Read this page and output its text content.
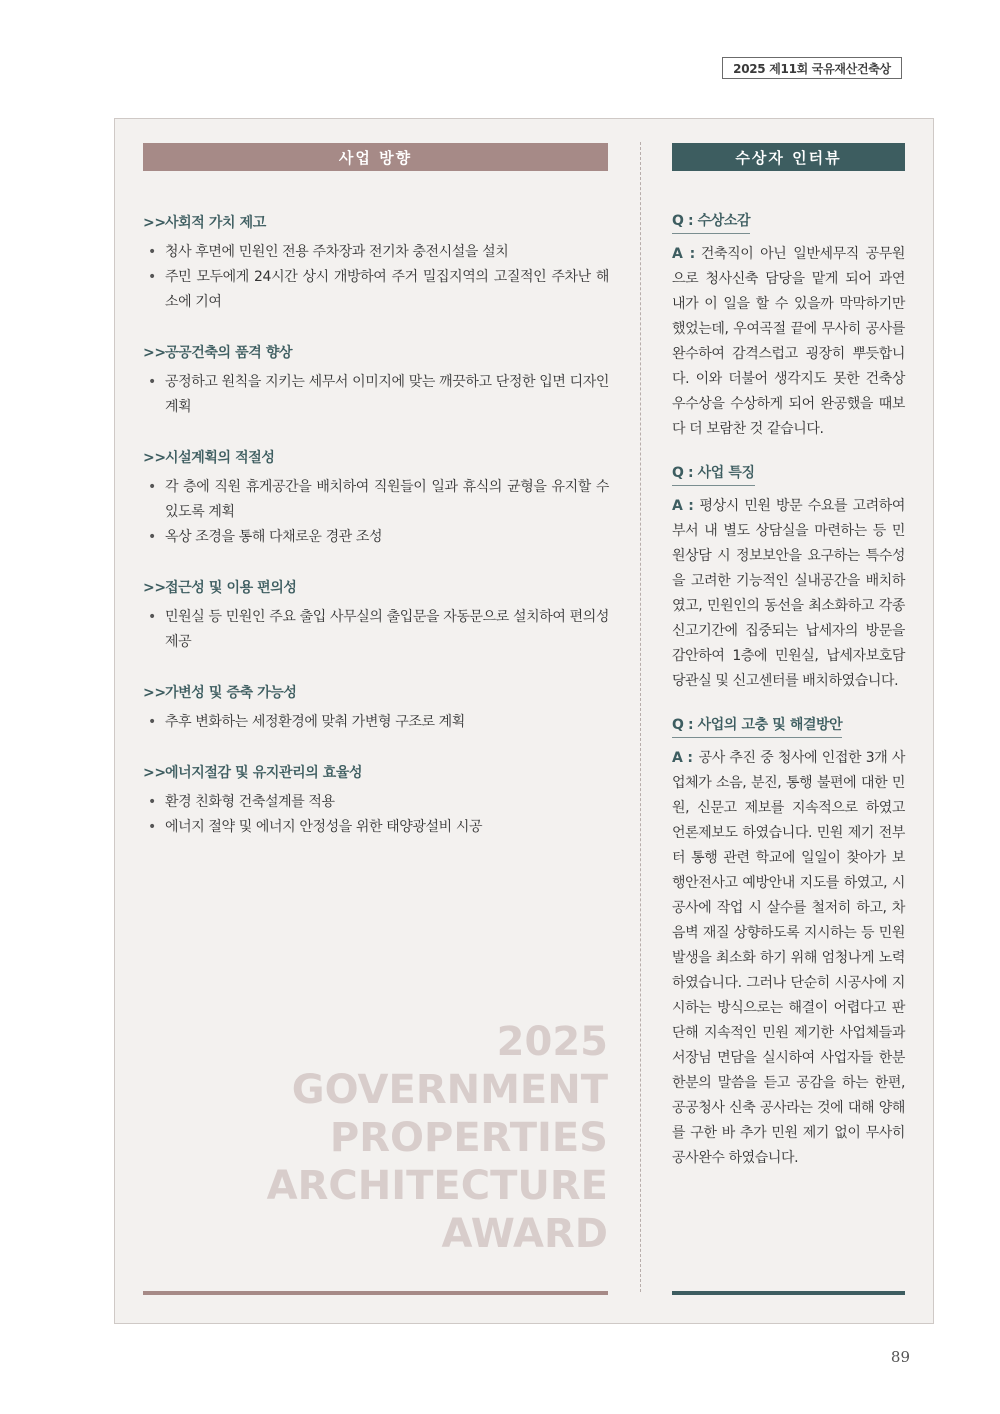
2025 제11회 국유재산건축상
사업 방향	수상자 인터뷰
>> 사회적 가치 제고
• 청사 후면에 민원인 전용 주차장과 전기차 충전시설을 설치
• 주민 모두에게 24시간 상시 개방하여 주거 밀집지역의 고질적인 주차난 해소에 기여
>> 공공건축의 품격 향상
• 공정하고 원칙을 지키는 세무서 이미지에 맞는 깨끗하고 단정한 입면 디자인 계획
>> 시설계획의 적절성
• 각 층에 직원 휴게공간을 배치하여 직원들이 일과 휴식의 균형을 유지할 수 있도록 계획
• 옥상 조경을 통해 다채로운 경관 조성
>> 접근성 및 이용 편의성
• 민원실 등 민원인 주요 출입 사무실의 출입문을 자동문으로 설치하여 편의성 제공
>> 가변성 및 증축 가능성
• 추후 변화하는 세정환경에 맞춰 가변형 구조로 계획
>> 에너지절감 및 유지관리의 효율성
• 환경 친화형 건축설계를 적용
• 에너지 절약 및 에너지 안정성을 위한 태양광설비 시공
2025
GOVERNMENT
PROPERTIES
ARCHITECTURE
AWARD
Q : 수상소감
A : 건축직이 아닌 일반세무직 공무원으로 청사신축 담당을 맡게 되어 과연 내가 이 일을 할 수 있을까 막막하기만 했었는데, 우여곡절 끝에 무사히 공사를 완수하여 감격스럽고 굉장히 뿌듯합니다. 이와 더불어 생각지도 못한 건축상 우수상을 수상하게 되어 완공했을 때보다 더 보람찬 것 같습니다.
Q : 사업 특징
A : 평상시 민원 방문 수요를 고려하여 부서 내 별도 상담실을 마련하는 등 민원상담 시 정보보안을 요구하는 특수성을 고려한 기능적인 실내공간을 배치하였고, 민원인의 동선을 최소화하고 각종 신고기간에 집중되는 납세자의 방문을 감안하여 1층에 민원실, 납세자보호담당관실 및 신고센터를 배치하였습니다.
Q : 사업의 고충 및 해결방안
A : 공사 추진 중 청사에 인접한 3개 사업체가 소음, 분진, 통행 불편에 대한 민원, 신문고 제보를 지속적으로 하였고 언론제보도 하였습니다. 민원 제기 전부터 통행 관련 학교에 일일이 찾아가 보행안전사고 예방안내 지도를 하였고, 시공사에 작업 시 살수를 철저히 하고, 차음벽 재질 상향하도록 지시하는 등 민원발생을 최소화 하기 위해 엄청나게 노력하였습니다. 그러나 단순히 시공사에 지시하는 방식으로는 해결이 어렵다고 판단해 지속적인 민원 제기한 사업체들과 서장님 면담을 실시하여 사업자들 한분한분의 말씀을 듣고 공감을 하는 한편, 공공청사 신축 공사라는 것에 대해 양해를 구한 바 추가 민원 제기 없이 무사히 공사완수 하였습니다.
89
